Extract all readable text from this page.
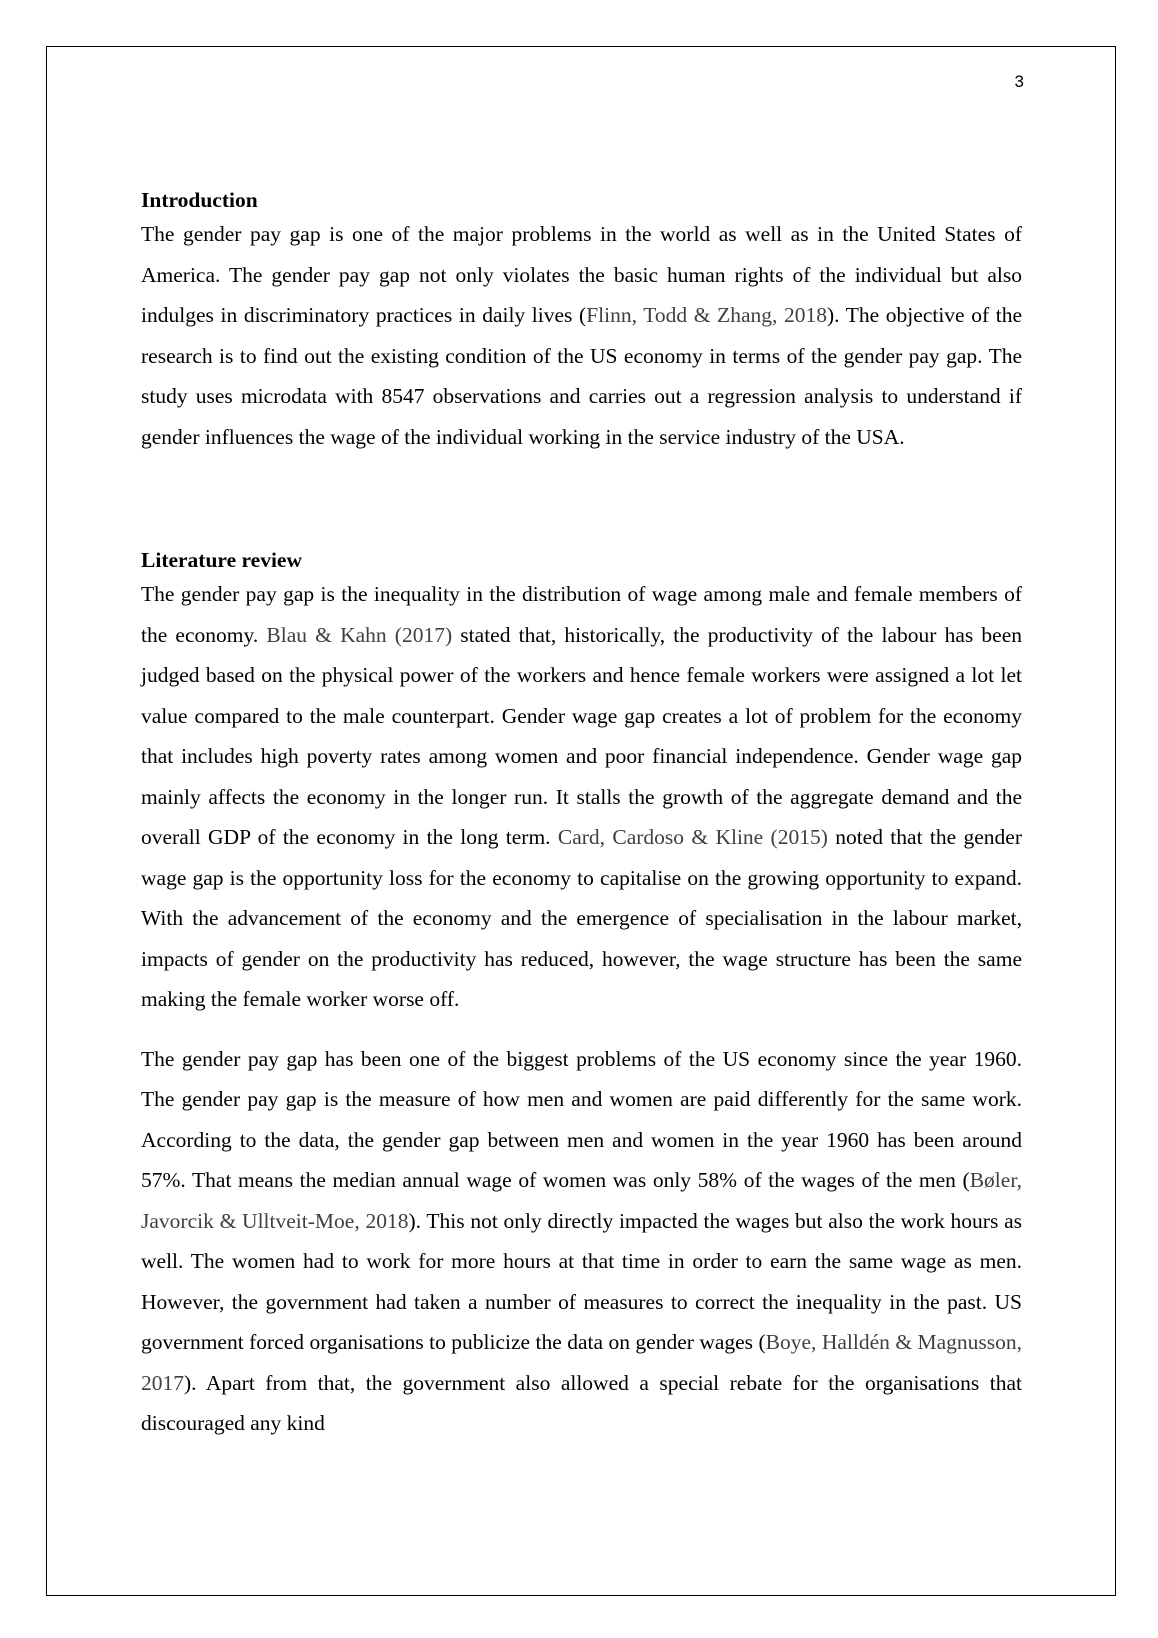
3
Introduction

The gender pay gap is one of the major problems in the world as well as in the United States of America. The gender pay gap not only violates the basic human rights of the individual but also indulges in discriminatory practices in daily lives (Flinn, Todd & Zhang, 2018). The objective of the research is to find out the existing condition of the US economy in terms of the gender pay gap. The study uses microdata with 8547 observations and carries out a regression analysis to understand if gender influences the wage of the individual working in the service industry of the USA.

Literature review

The gender pay gap is the inequality in the distribution of wage among male and female members of the economy. Blau & Kahn (2017) stated that, historically, the productivity of the labour has been judged based on the physical power of the workers and hence female workers were assigned a lot let value compared to the male counterpart. Gender wage gap creates a lot of problem for the economy that includes high poverty rates among women and poor financial independence. Gender wage gap mainly affects the economy in the longer run. It stalls the growth of the aggregate demand and the overall GDP of the economy in the long term. Card, Cardoso & Kline (2015) noted that the gender wage gap is the opportunity loss for the economy to capitalise on the growing opportunity to expand. With the advancement of the economy and the emergence of specialisation in the labour market, impacts of gender on the productivity has reduced, however, the wage structure has been the same making the female worker worse off.

The gender pay gap has been one of the biggest problems of the US economy since the year 1960. The gender pay gap is the measure of how men and women are paid differently for the same work. According to the data, the gender gap between men and women in the year 1960 has been around 57%. That means the median annual wage of women was only 58% of the wages of the men (Bøler, Javorcik & Ulltveit-Moe, 2018). This not only directly impacted the wages but also the work hours as well. The women had to work for more hours at that time in order to earn the same wage as men. However, the government had taken a number of measures to correct the inequality in the past. US government forced organisations to publicize the data on gender wages (Boye, Halldén & Magnusson, 2017). Apart from that, the government also allowed a special rebate for the organisations that discouraged any kind
